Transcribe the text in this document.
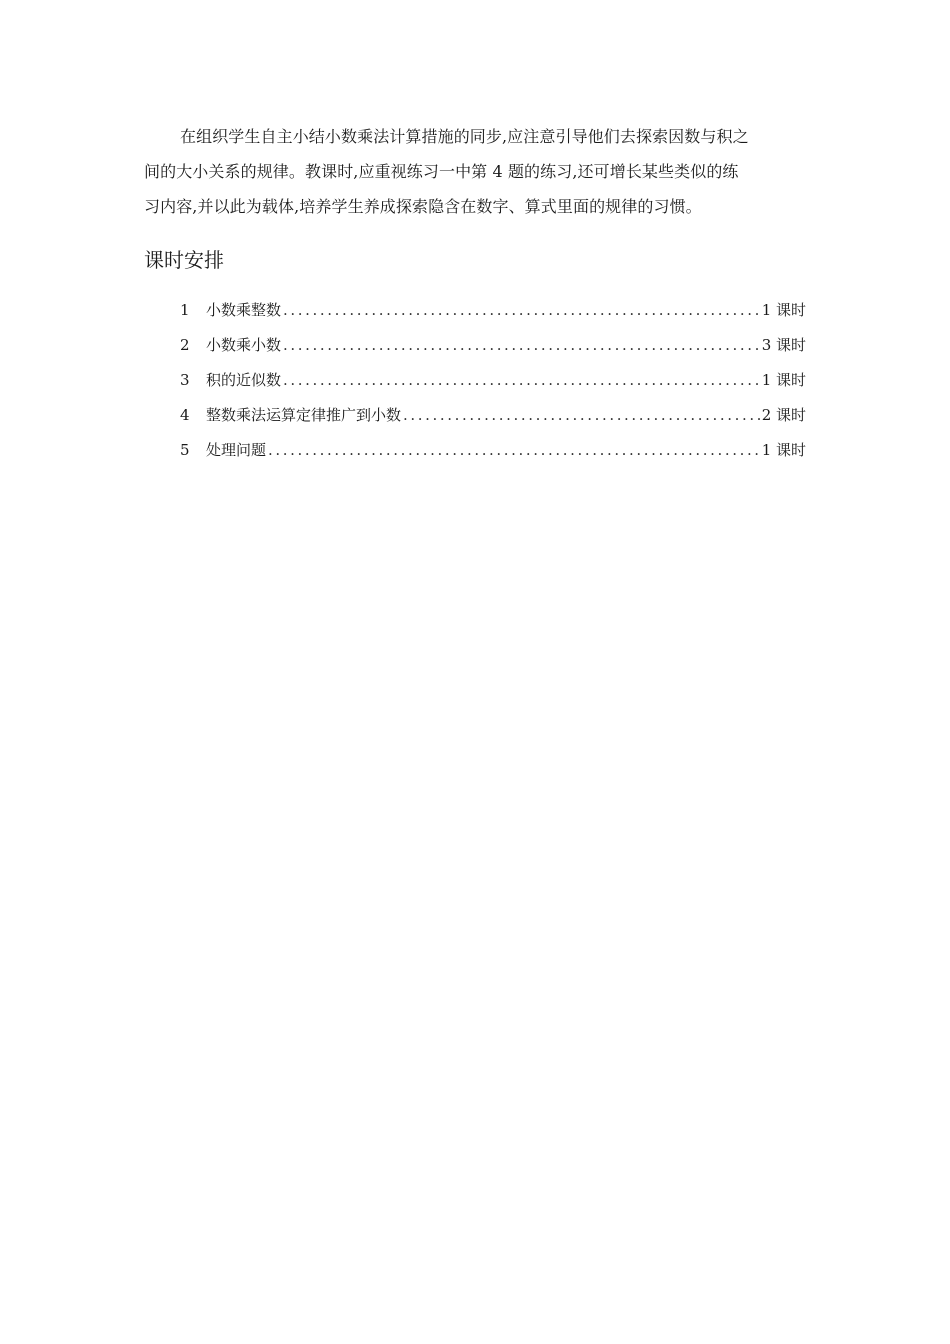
在组织学生自主小结小数乘法计算措施的同步,应注意引导他们去探索因数与积之
间的大小关系的规律。教课时,应重视练习一中第 4 题的练习,还可增长某些类似的练
习内容,并以此为载体,培养学生养成探索隐含在数字、算式里面的规律的习惯。
课时安排
1	小数乘整数 .....	1 课时
2	小数乘小数 .....	3 课时
3	积的近似数 .....	1 课时
4	整数乘法运算定律推广到小数 .....	2 课时
5	处理问题 .....	1 课时
